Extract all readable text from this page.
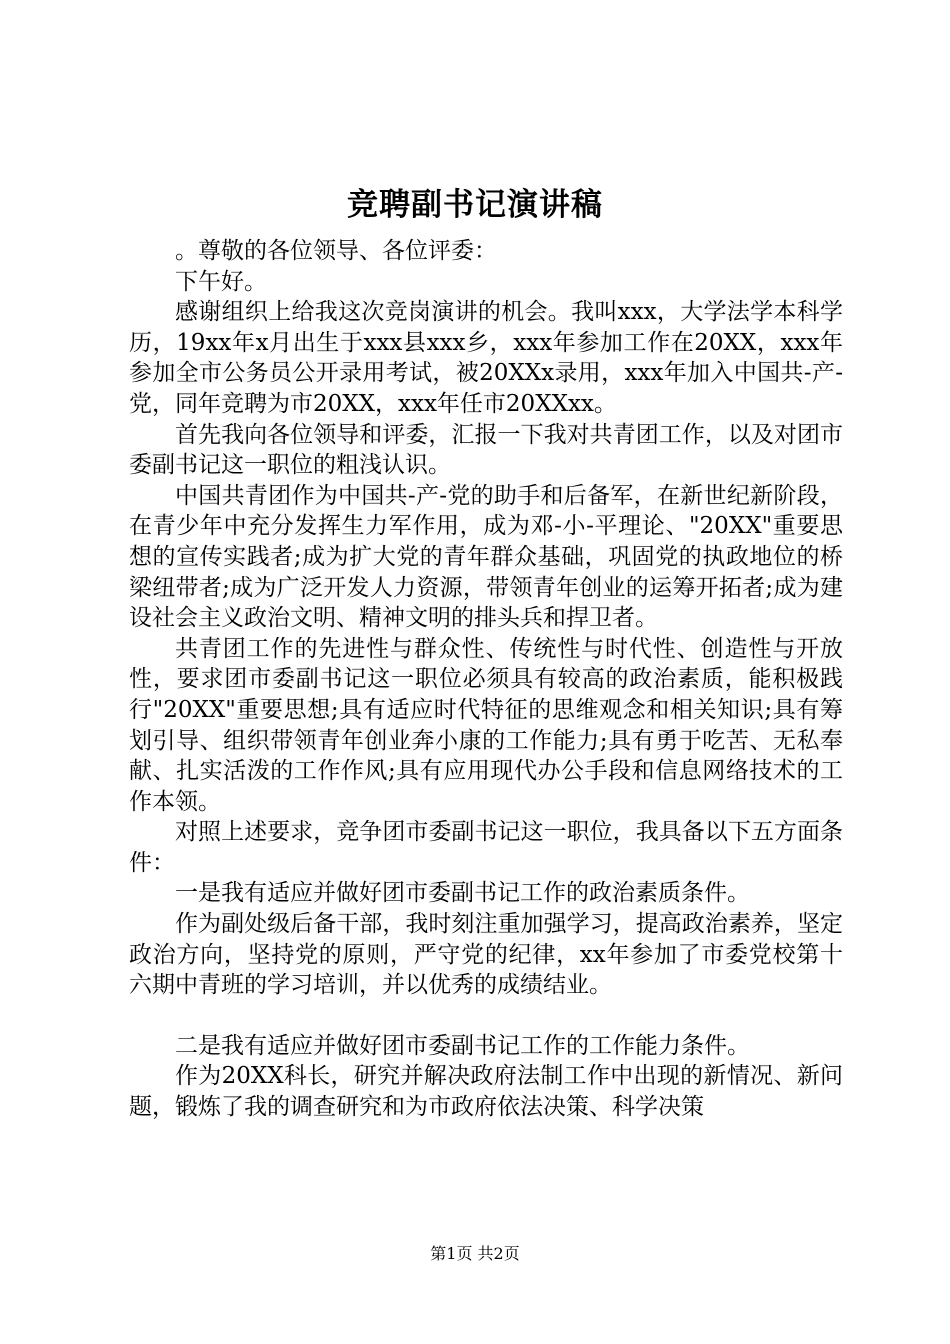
竞聘副书记演讲稿

。尊敬的各位领导、各位评委：

下午好。

感谢组织上给我这次竞岗演讲的机会。我叫xxx，大学法学本科学历，19xx年x月出生于xxx县xxx乡，xxx年参加工作在20XX，xxx年参加全市公务员公开录用考试，被20XXx录用，xxx年加入中国共-产-党，同年竞聘为市20XX，xxx年任市20XXxx。

首先我向各位领导和评委，汇报一下我对共青团工作，以及对团市委副书记这一职位的粗浅认识。

中国共青团作为中国共-产-党的助手和后备军，在新世纪新阶段，在青少年中充分发挥生力军作用，成为邓-小-平理论、"20XX"重要思想的宣传实践者;成为扩大党的青年群众基础，巩固党的执政地位的桥梁纽带者;成为广泛开发人力资源，带领青年创业的运筹开拓者;成为建设社会主义政治文明、精神文明的排头兵和捍卫者。

共青团工作的先进性与群众性、传统性与时代性、创造性与开放性，要求团市委副书记这一职位必须具有较高的政治素质，能积极践行"20XX"重要思想;具有适应时代特征的思维观念和相关知识;具有筹划引导、组织带领青年创业奔小康的工作能力;具有勇于吃苦、无私奉献、扎实活泼的工作作风;具有应用现代办公手段和信息网络技术的工作本领。

对照上述要求，竞争团市委副书记这一职位，我具备以下五方面条件：

一是我有适应并做好团市委副书记工作的政治素质条件。

作为副处级后备干部，我时刻注重加强学习，提高政治素养，坚定政治方向，坚持党的原则，严守党的纪律，xx年参加了市委党校第十六期中青班的学习培训，并以优秀的成绩结业。

二是我有适应并做好团市委副书记工作的工作能力条件。

作为20XX科长，研究并解决政府法制工作中出现的新情况、新问题，锻炼了我的调查研究和为市政府依法决策、科学决策

第1页 共2页
